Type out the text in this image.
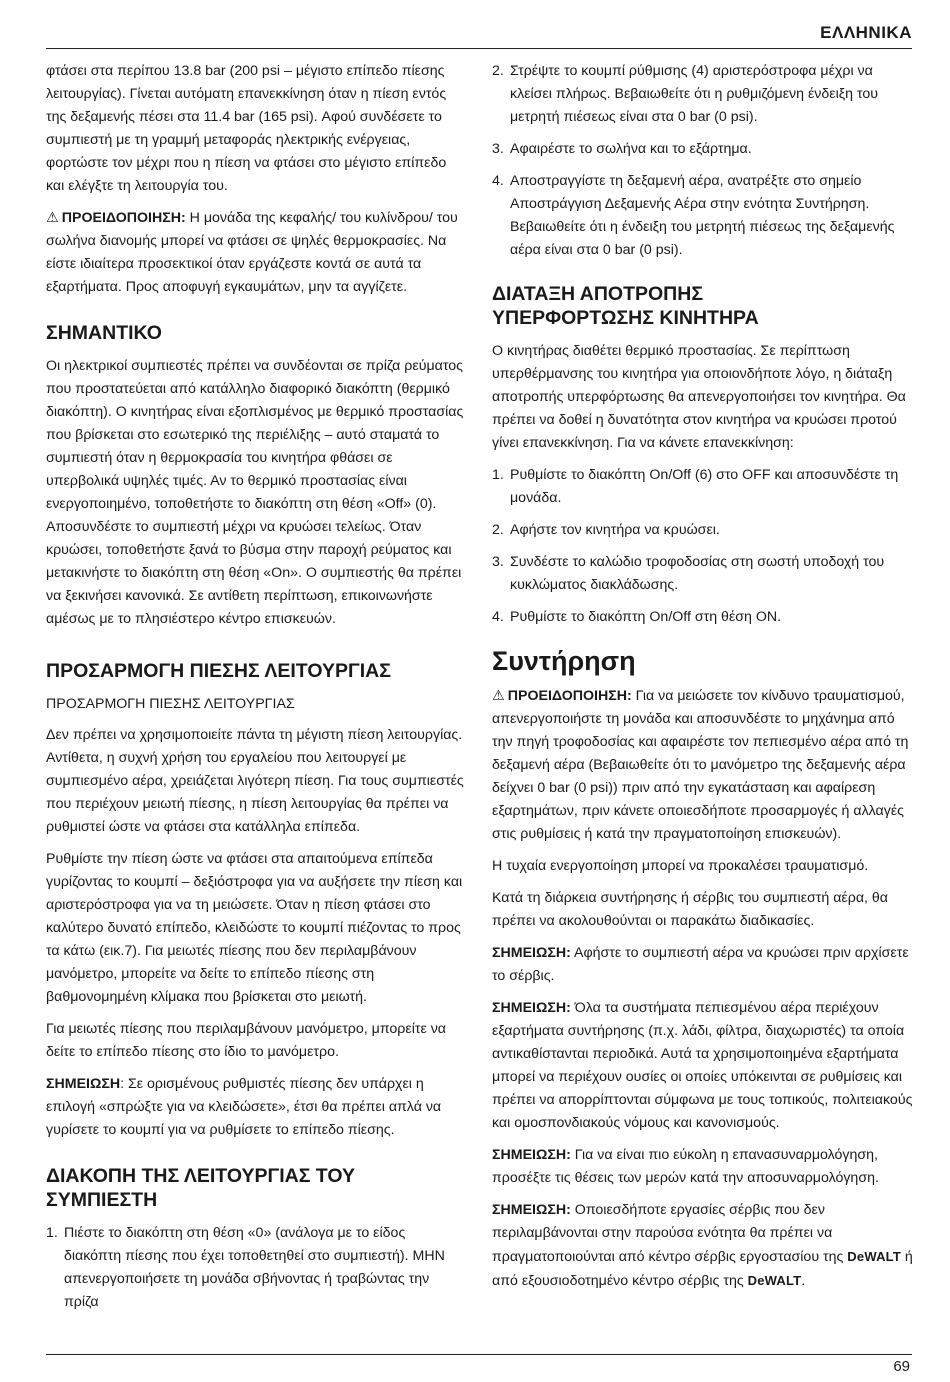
ΕΛΛΗΝΙΚΑ

φτάσει στα περίπου 13.8 bar (200 psi – μέγιστο επίπεδο πίεσης λειτουργίας). Γίνεται αυτόματη επανεκκίνηση όταν η πίεση εντός της δεξαμενής πέσει στα 11.4 bar (165 psi). Αφού συνδέσετε το συμπιεστή με τη γραμμή μεταφοράς ηλεκτρικής ενέργειας, φορτώστε τον μέχρι που η πίεση να φτάσει στο μέγιστο επίπεδο και ελέγξτε τη λειτουργία του.

⚠ ΠΡΟΕΙΔΟΠΟΙΗΣΗ: Η μονάδα της κεφαλής/ του κυλίνδρου/ του σωλήνα διανομής μπορεί να φτάσει σε ψηλές θερμοκρασίες. Να είστε ιδιαίτερα προσεκτικοί όταν εργάζεστε κοντά σε αυτά τα εξαρτήματα. Προς αποφυγή εγκαυμάτων, μην τα αγγίζετε.

ΣΗΜΑΝΤΙΚΟ

Οι ηλεκτρικοί συμπιεστές πρέπει να συνδέονται σε πρίζα ρεύματος που προστατεύεται από κατάλληλο διαφορικό διακόπτη (θερμικό διακόπτη). Ο κινητήρας είναι εξοπλισμένος με θερμικό προστασίας που βρίσκεται στο εσωτερικό της περιέλιξης – αυτό σταματά το συμπιεστή όταν η θερμοκρασία του κινητήρα φθάσει σε υπερβολικά υψηλές τιμές. Αν το θερμικό προστασίας είναι ενεργοποιημένο, τοποθετήστε το διακόπτη στη θέση «Off» (0). Αποσυνδέστε το συμπιεστή μέχρι να κρυώσει τελείως. Όταν κρυώσει, τοποθετήστε ξανά το βύσμα στην παροχή ρεύματος και μετακινήστε το διακόπτη στη θέση «On». Ο συμπιεστής θα πρέπει να ξεκινήσει κανονικά. Σε αντίθετη περίπτωση, επικοινωνήστε αμέσως με το πλησιέστερο κέντρο επισκευών.

ΠΡΟΣΑΡΜΟΓΗ ΠΙΕΣΗΣ ΛΕΙΤΟΥΡΓΙΑΣ

ΠΡΟΣΑΡΜΟΓΗ ΠΙΕΣΗΣ ΛΕΙΤΟΥΡΓΙΑΣ

Δεν πρέπει να χρησιμοποιείτε πάντα τη μέγιστη πίεση λειτουργίας. Αντίθετα, η συχνή χρήση του εργαλείου που λειτουργεί με συμπιεσμένο αέρα, χρειάζεται λιγότερη πίεση. Για τους συμπιεστές που περιέχουν μειωτή πίεσης, η πίεση λειτουργίας θα πρέπει να ρυθμιστεί ώστε να φτάσει στα κατάλληλα επίπεδα.

Ρυθμίστε την πίεση ώστε να φτάσει στα απαιτούμενα επίπεδα γυρίζοντας το κουμπί – δεξιόστροφα για να αυξήσετε την πίεση και αριστερόστροφα για να τη μειώσετε. Όταν η πίεση φτάσει στο καλύτερο δυνατό επίπεδο, κλειδώστε το κουμπί πιέζοντας το προς τα κάτω (εικ.7). Για μειωτές πίεσης που δεν περιλαμβάνουν μανόμετρο, μπορείτε να δείτε το επίπεδο πίεσης στη βαθμονομημένη κλίμακα που βρίσκεται στο μειωτή.

Για μειωτές πίεσης που περιλαμβάνουν μανόμετρο, μπορείτε να δείτε το επίπεδο πίεσης στο ίδιο το μανόμετρο.

ΣΗΜΕΙΩΣΗ: Σε ορισμένους ρυθμιστές πίεσης δεν υπάρχει η επιλογή «σπρώξτε για να κλειδώσετε», έτσι θα πρέπει απλά να γυρίσετε το κουμπί για να ρυθμίσετε το επίπεδο πίεσης.

ΔΙΑΚΟΠΗ ΤΗΣ ΛΕΙΤΟΥΡΓΙΑΣ ΤΟΥ ΣΥΜΠΙΕΣΤΗ
1. Πιέστε το διακόπτη στη θέση «0» (ανάλογα με το είδος διακόπτη πίεσης που έχει τοποθετηθεί στο συμπιεστή). ΜΗΝ απενεργοποιήσετε τη μονάδα σβήνοντας ή τραβώντας την πρίζα
2. Στρέψτε το κουμπί ρύθμισης (4) αριστερόστροφα μέχρι να κλείσει πλήρως. Βεβαιωθείτε ότι η ρυθμιζόμενη ένδειξη του μετρητή πιέσεως είναι στα 0 bar (0 psi).
3. Αφαιρέστε το σωλήνα και το εξάρτημα.
4. Αποστραγγίστε τη δεξαμενή αέρα, ανατρέξτε στο σημείο Αποστράγγιση Δεξαμενής Αέρα στην ενότητα Συντήρηση. Βεβαιωθείτε ότι η ένδειξη του μετρητή πιέσεως της δεξαμενής αέρα είναι στα 0 bar (0 psi).
ΔΙΑΤΑΞΗ ΑΠΟΤΡΟΠΗΣ
ΥΠΕΡΦΟΡΤΩΣΗΣ ΚΙΝΗΤΗΡΑ

Ο κινητήρας διαθέτει θερμικό προστασίας. Σε περίπτωση υπερθέρμανσης του κινητήρα για οποιονδήποτε λόγο, η διάταξη αποτροπής υπερφόρτωσης θα απενεργοποιήσει τον κινητήρα. Θα πρέπει να δοθεί η δυνατότητα στον κινητήρα να κρυώσει προτού γίνει επανεκκίνηση. Για να κάνετε επανεκκίνηση:

1. Ρυθμίστε το διακόπτη On/Off (6) στο OFF και αποσυνδέστε τη μονάδα.
2. Αφήστε τον κινητήρα να κρυώσει.
3. Συνδέστε το καλώδιο τροφοδοσίας στη σωστή υποδοχή του κυκλώματος διακλάδωσης.
4. Ρυθμίστε το διακόπτη On/Off στη θέση ON.
Συντήρηση

⚠ ΠΡΟΕΙΔΟΠΟΙΗΣΗ: Για να μειώσετε τον κίνδυνο τραυματισμού, απενεργοποιήστε τη μονάδα και αποσυνδέστε το μηχάνημα από την πηγή τροφοδοσίας και αφαιρέστε τον πεπιεσμένο αέρα από τη δεξαμενή αέρα (Βεβαιωθείτε ότι το μανόμετρο της δεξαμενής αέρα δείχνει 0 bar (0 psi)) πριν από την εγκατάσταση και αφαίρεση εξαρτημάτων, πριν κάνετε οποιεσδήποτε προσαρμογές ή αλλαγές στις ρυθμίσεις ή κατά την πραγματοποίηση επισκευών).

Η τυχαία ενεργοποίηση μπορεί να προκαλέσει τραυματισμό.

Κατά τη διάρκεια συντήρησης ή σέρβις του συμπιεστή αέρα, θα πρέπει να ακολουθούνται οι παρακάτω διαδικασίες.

ΣΗΜΕΙΩΣΗ: Αφήστε το συμπιεστή αέρα να κρυώσει πριν αρχίσετε το σέρβις.

ΣΗΜΕΙΩΣΗ: Όλα τα συστήματα πεπιεσμένου αέρα περιέχουν εξαρτήματα συντήρησης (π.χ. λάδι, φίλτρα, διαχωριστές) τα οποία αντικαθίστανται περιοδικά. Αυτά τα χρησιμοποιημένα εξαρτήματα μπορεί να περιέχουν ουσίες οι οποίες υπόκεινται σε ρυθμίσεις και πρέπει να απορρίπτονται σύμφωνα με τους τοπικούς, πολιτειακούς και ομοσπονδιακούς νόμους και κανονισμούς.

ΣΗΜΕΙΩΣΗ: Για να είναι πιο εύκολη η επανασυναρμολόγηση, προσέξτε τις θέσεις των μερών κατά την αποσυναρμολόγηση.

ΣΗΜΕΙΩΣΗ: Οποιεσδήποτε εργασίες σέρβις που δεν περιλαμβάνονται στην παρούσα ενότητα θα πρέπει να πραγματοποιούνται από κέντρο σέρβις εργοστασίου της DeWALT ή από εξουσιοδοτημένο κέντρο σέρβις της DeWALT.

69
